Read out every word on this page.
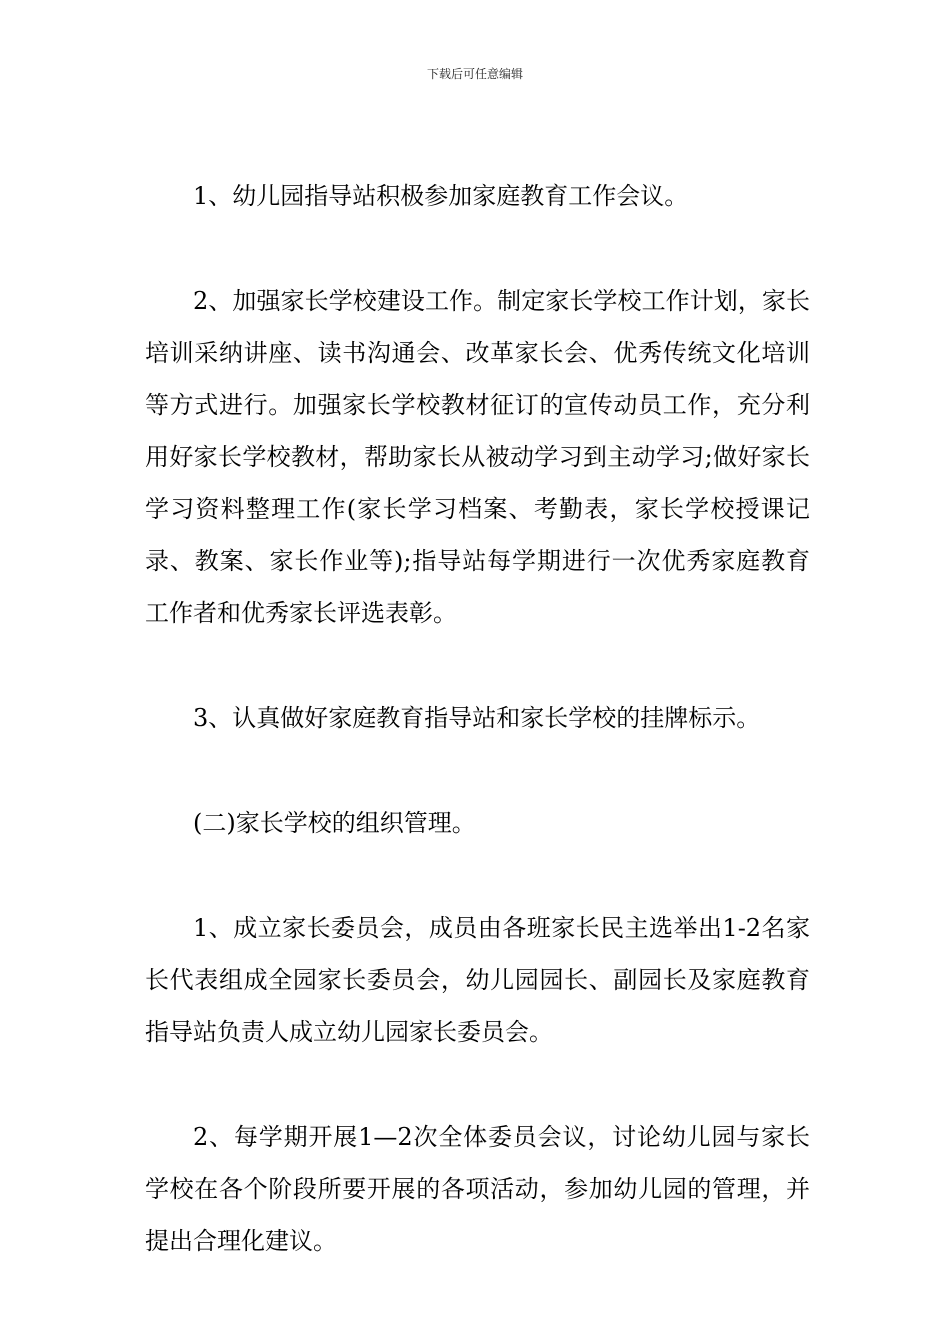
下载后可任意编辑

1、幼儿园指导站积极参加家庭教育工作会议。

2、加强家长学校建设工作。制定家长学校工作计划，家长培训采纳讲座、读书沟通会、改革家长会、优秀传统文化培训等方式进行。加强家长学校教材征订的宣传动员工作，充分利用好家长学校教材，帮助家长从被动学习到主动学习;做好家长学习资料整理工作(家长学习档案、考勤表，家长学校授课记录、教案、家长作业等);指导站每学期进行一次优秀家庭教育工作者和优秀家长评选表彰。

3、认真做好家庭教育指导站和家长学校的挂牌标示。

(二)家长学校的组织管理。

1、成立家长委员会，成员由各班家长民主选举出1-2名家长代表组成全园家长委员会，幼儿园园长、副园长及家庭教育指导站负责人成立幼儿园家长委员会。

2、每学期开展1—2次全体委员会议，讨论幼儿园与家长学校在各个阶段所要开展的各项活动，参加幼儿园的管理，并提出合理化建议。
